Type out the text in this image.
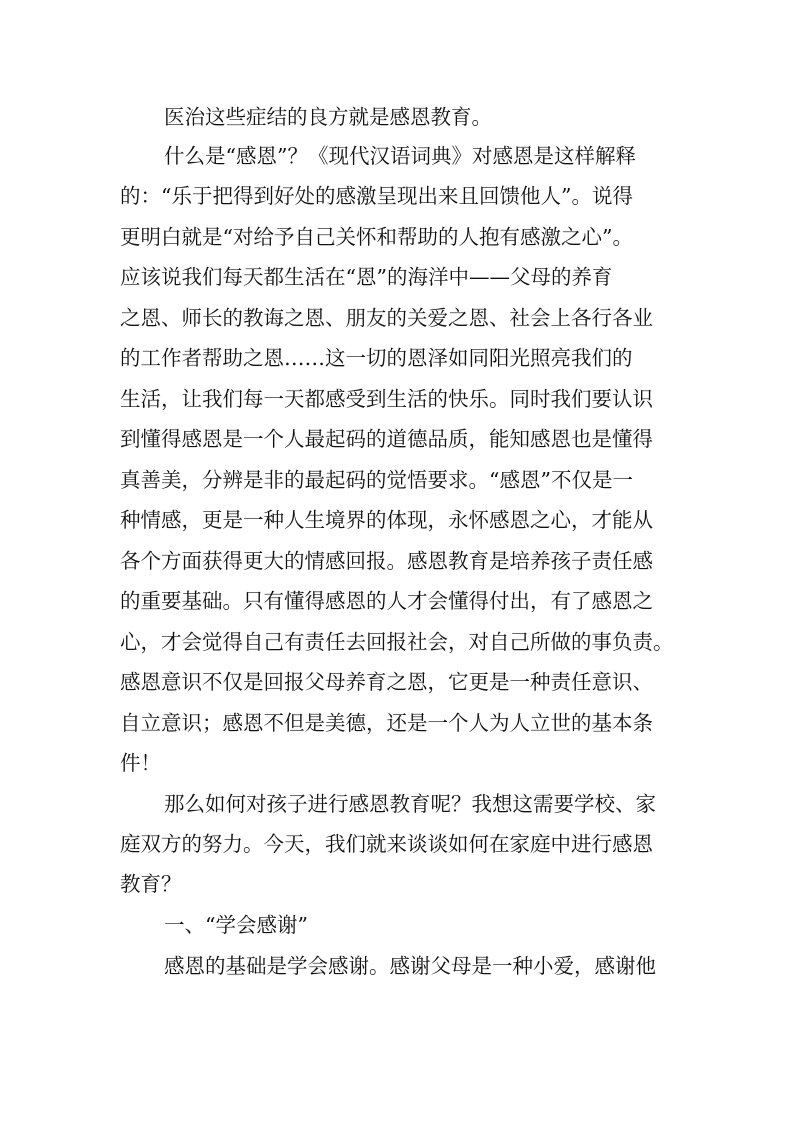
医治这些症结的良方就是感恩教育。
什么是“感恩”？《现代汉语词典》对感恩是这样解释
的：“乐于把得到好处的感激呈现出来且回馈他人”。说得
更明白就是“对给予自己关怀和帮助的人抱有感激之心”。
应该说我们每天都生活在“恩”的海洋中——父母的养育
之恩、师长的教诲之恩、朋友的关爱之恩、社会上各行各业
的工作者帮助之恩……这一切的恩泽如同阳光照亮我们的
生活，让我们每一天都感受到生活的快乐。同时我们要认识
到懂得感恩是一个人最起码的道德品质，能知感恩也是懂得
真善美，分辨是非的最起码的觉悟要求。“感恩”不仅是一
种情感，更是一种人生境界的体现，永怀感恩之心，才能从
各个方面获得更大的情感回报。感恩教育是培养孩子责任感
的重要基础。只有懂得感恩的人才会懂得付出，有了感恩之
心，才会觉得自己有责任去回报社会，对自己所做的事负责。
感恩意识不仅是回报父母养育之恩，它更是一种责任意识、
自立意识；感恩不但是美德，还是一个人为人立世的基本条
件！
那么如何对孩子进行感恩教育呢？我想这需要学校、家
庭双方的努力。今天，我们就来谈谈如何在家庭中进行感恩
教育？
一、“学会感谢”
感恩的基础是学会感谢。感谢父母是一种小爱，感谢他
